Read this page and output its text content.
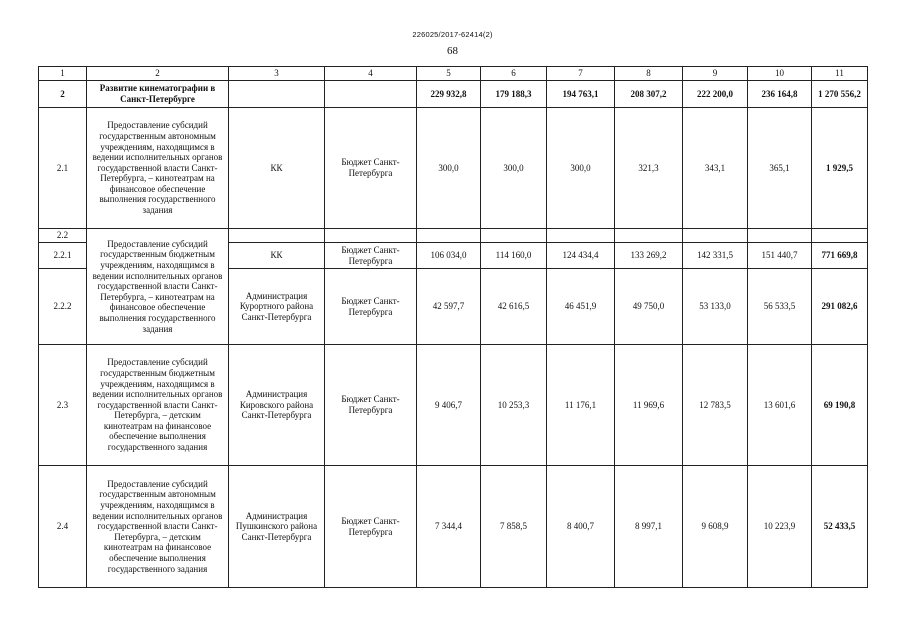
226025/2017-62414(2)
68
1	2	3	4	5	6	7	8	9	10	11
2	Развитие кинематографии в Санкт-Петербурге			229 932,8	179 188,3	194 763,1	208 307,2	222 200,0	236 164,8	1 270 556,2
2.1	Предоставление субсидий государственным автономным учреждениям, находящимся в ведении исполнительных органов государственной власти Санкт-Петербурга, – кинотеатрам на финансовое обеспечение выполнения государственного задания	КК	Бюджет Санкт-Петербурга	300,0	300,0	300,0	321,3	343,1	365,1	1 929,5
2.2	Предоставление субсидий государственным бюджетным учреждениям, находящимся в ведении исполнительных органов государственной власти Санкт-Петербурга, – кинотеатрам на финансовое обеспечение выполнения государственного задания									
2.2.1		КК	Бюджет Санкт-Петербурга	106 034,0	114 160,0	124 434,4	133 269,2	142 331,5	151 440,7	771 669,8

2.2.2		Администрация Курортного района Санкт-Петербурга	Бюджет Санкт-Петербурга	42 597,7	42 616,5	46 451,9	49 750,0	53 133,0	56 533,5	291 082,6
2.3	Предоставление субсидий государственным бюджетным учреждениям, находящимся в ведении исполнительных органов государственной власти Санкт-Петербурга, – детским кинотеатрам на финансовое обеспечение выполнения государственного задания	Администрация Кировского района Санкт-Петербурга	Бюджет Санкт-Петербурга	9 406,7	10 253,3	11 176,1	11 969,6	12 783,5	13 601,6	69 190,8
2.4	Предоставление субсидий государственным автономным учреждениям, находящимся в ведении исполнительных органов государственной власти Санкт-Петербурга, – детским кинотеатрам на финансовое обеспечение выполнения государственного задания	Администрация Пушкинского района Санкт-Петербурга	Бюджет Санкт-Петербурга	7 344,4	7 858,5	8 400,7	8 997,1	9 608,9	10 223,9	52 433,5
